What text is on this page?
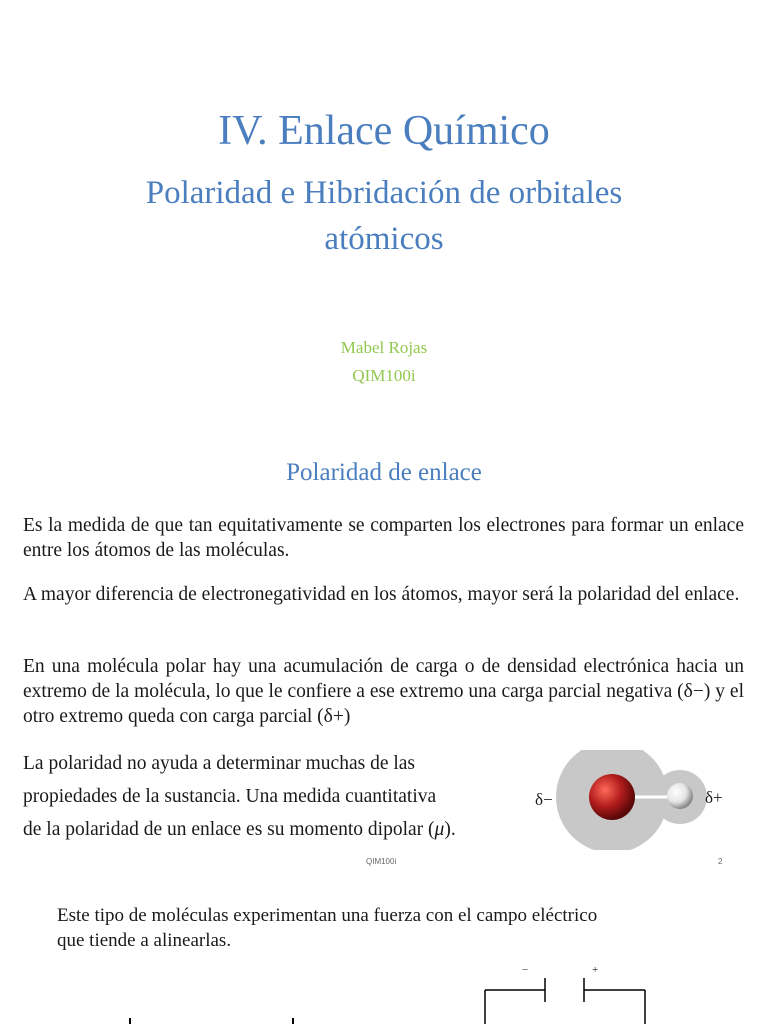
IV. Enlace Químico
Polaridad e Hibridación de orbitales
atómicos
Mabel Rojas
QIM100i
Polaridad de enlace
Es la medida de que tan equitativamente se comparten los electrones para formar un enlace entre los átomos de las moléculas.
A mayor diferencia de electronegatividad en los átomos, mayor será la polaridad del enlace.
En una molécula polar hay una acumulación de carga o de densidad electrónica hacia un extremo de la molécula, lo que le confiere a ese extremo una carga parcial negativa (δ−) y el otro extremo queda con carga parcial (δ+)
La polaridad no ayuda a determinar muchas de las
propiedades de la sustancia. Una medida cuantitativa
de la polaridad de un enlace es su momento dipolar (μ).
δ−	δ+
QIM100i	2
Este tipo de moléculas experimentan una fuerza con el campo eléctrico
que tiende a alinearlas.
−	+
